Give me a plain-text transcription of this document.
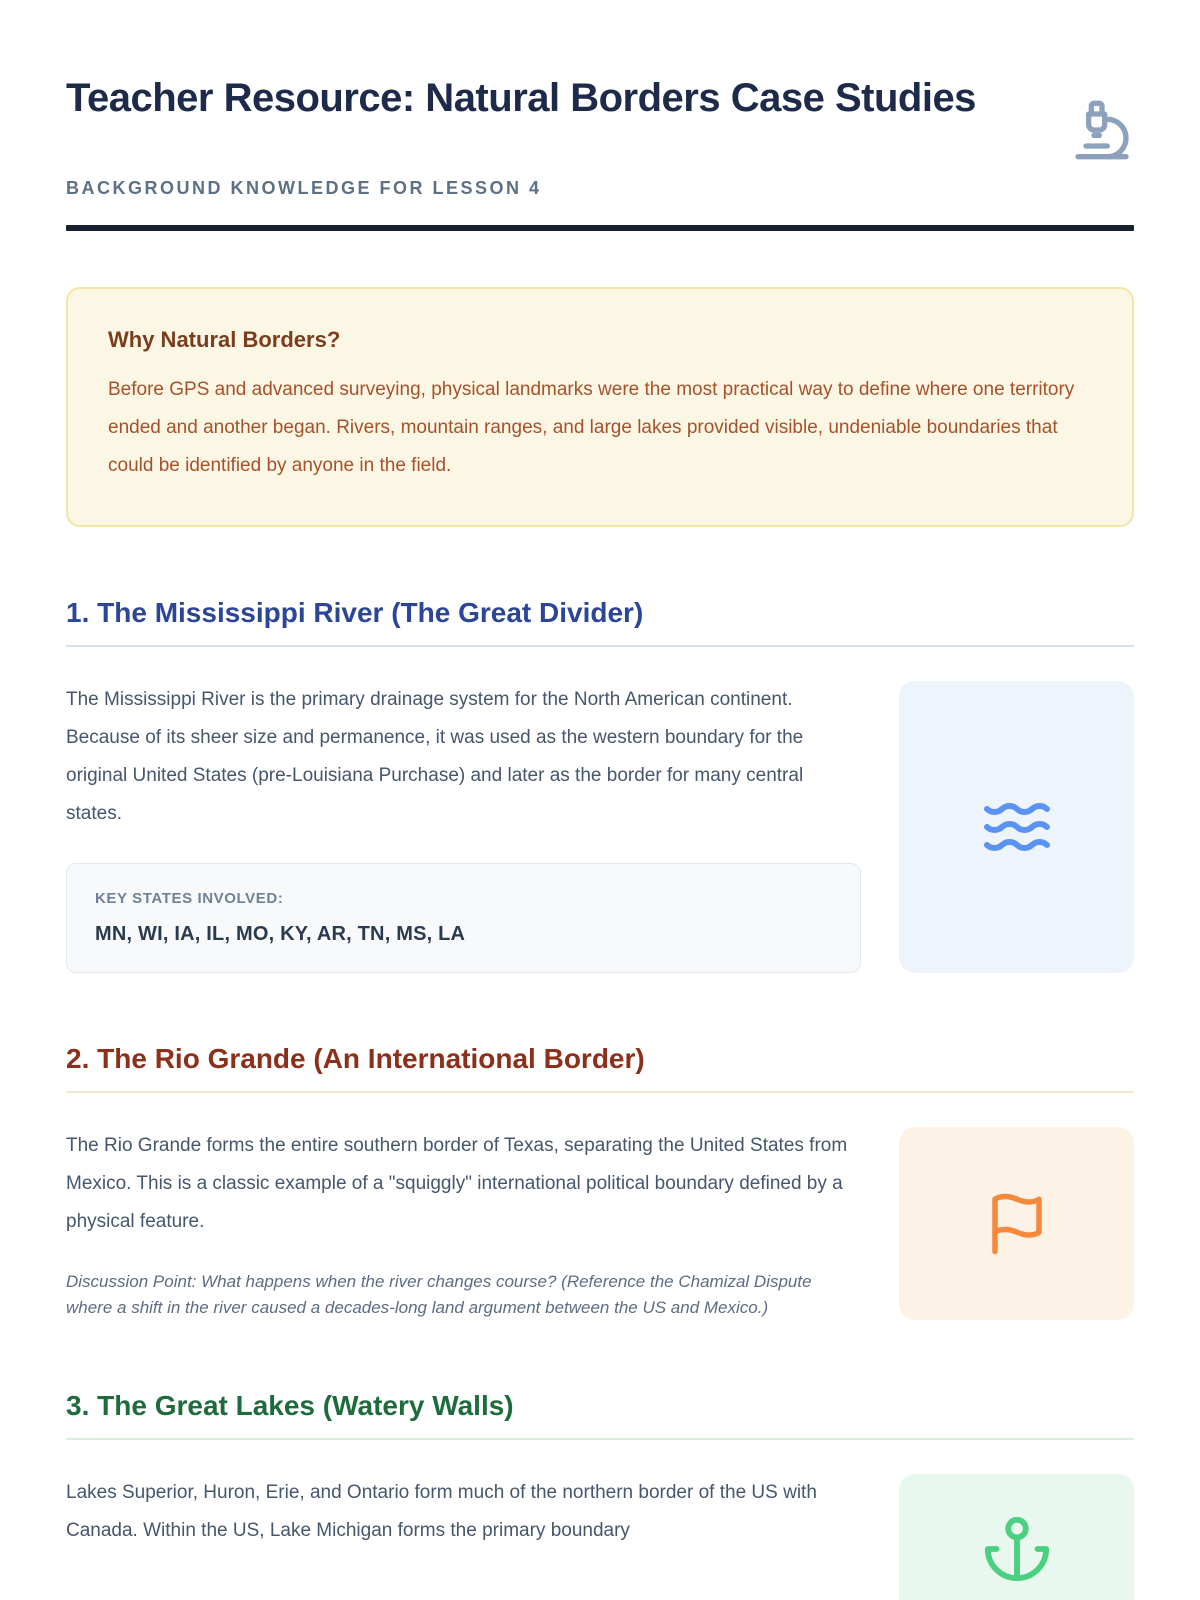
Teacher Resource: Natural Borders Case Studies
BACKGROUND KNOWLEDGE FOR LESSON 4
Why Natural Borders?

Before GPS and advanced surveying, physical landmarks were the most practical way to define where one territory ended and another began. Rivers, mountain ranges, and large lakes provided visible, undeniable boundaries that could be identified by anyone in the field.

1. The Mississippi River (The Great Divider)

The Mississippi River is the primary drainage system for the North American continent. Because of its sheer size and permanence, it was used as the western boundary for the original United States (pre-Louisiana Purchase) and later as the border for many central states.

KEY STATES INVOLVED:
MN, WI, IA, IL, MO, KY, AR, TN, MS, LA
2. The Rio Grande (An International Border)

The Rio Grande forms the entire southern border of Texas, separating the United States from Mexico. This is a classic example of a "squiggly" international political boundary defined by a physical feature.

Discussion Point: What happens when the river changes course? (Reference the Chamizal Dispute where a shift in the river caused a decades-long land argument between the US and Mexico.)

3. The Great Lakes (Watery Walls)

Lakes Superior, Huron, Erie, and Ontario form much of the northern border of the US with Canada. Within the US, Lake Michigan forms the primary boundary
